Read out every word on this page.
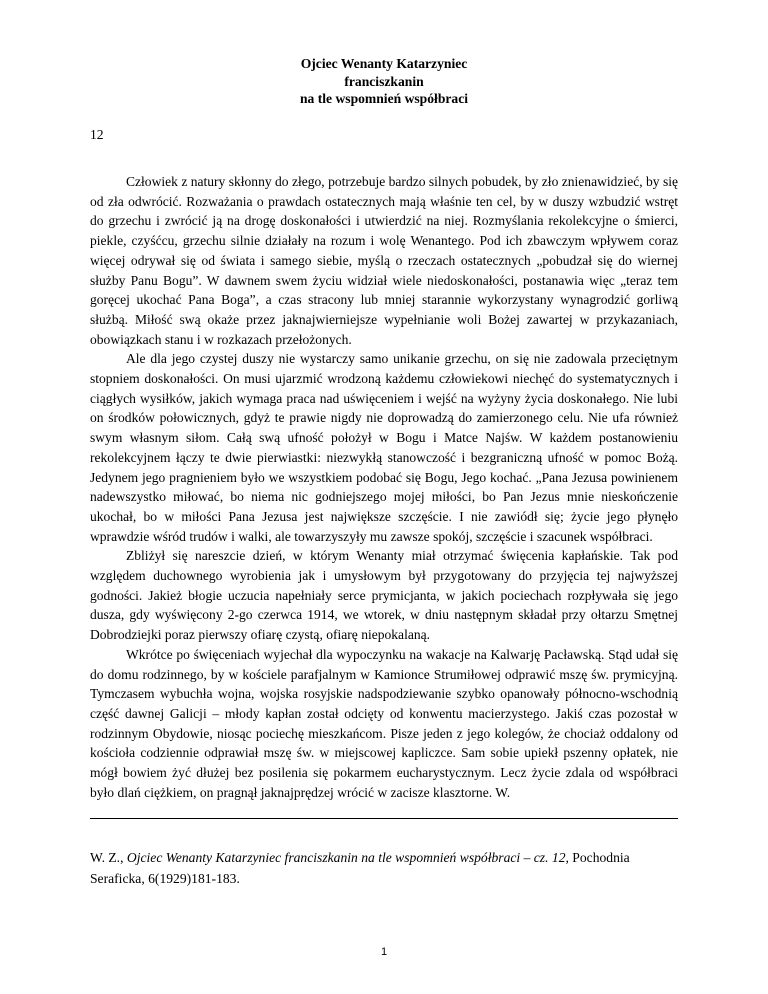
Ojciec Wenanty Katarzyniec
franciszkanin
na tle wspomnień współbraci
12

Człowiek z natury skłonny do złego, potrzebuje bardzo silnych pobudek, by zło znienawidzieć, by się od zła odwrócić. Rozważania o prawdach ostatecznych mają właśnie ten cel, by w duszy wzbudzić wstręt do grzechu i zwrócić ją na drogę doskonałości i utwierdzić na niej. Rozmyślania rekolekcyjne o śmierci, piekle, czyśćcu, grzechu silnie działały na rozum i wolę Wenantego. Pod ich zbawczym wpływem coraz więcej odrywał się od świata i samego siebie, myślą o rzeczach ostatecznych „pobudzał się do wiernej służby Panu Bogu”. W dawnem swem życiu widział wiele niedoskonałości, postanawia więc „teraz tem goręcej ukochać Pana Boga”, a czas stracony lub mniej starannie wykorzystany wynagrodzić gorliwą służbą. Miłość swą okaże przez jaknajwierniejsze wypełnianie woli Bożej zawartej w przykazaniach, obowiązkach stanu i w rozkazach przełożonych.

Ale dla jego czystej duszy nie wystarczy samo unikanie grzechu, on się nie zadowala przeciętnym stopniem doskonałości. On musi ujarzmić wrodzoną każdemu człowiekowi niechęć do systematycznych i ciągłych wysiłków, jakich wymaga praca nad uświęceniem i wejść na wyżyny życia doskonałego. Nie lubi on środków połowicznych, gdyż te prawie nigdy nie doprowadzą do zamierzonego celu. Nie ufa również swym własnym siłom. Całą swą ufność położył w Bogu i Matce Najśw. W każdem postanowieniu rekolekcyjnem łączy te dwie pierwiastki: niezwykłą stanowczość i bezgraniczną ufność w pomoc Bożą. Jedynem jego pragnieniem było we wszystkiem podobać się Bogu, Jego kochać. „Pana Jezusa powinienem nadewszystko miłować, bo niema nic godniejszego mojej miłości, bo Pan Jezus mnie nieskończenie ukochał, bo w miłości Pana Jezusa jest największe szczęście. I nie zawiódł się; życie jego płynęło wprawdzie wśród trudów i walki, ale towarzyszyły mu zawsze spokój, szczęście i szacunek współbraci.

Zbliżył się nareszcie dzień, w którym Wenanty miał otrzymać święcenia kapłańskie. Tak pod względem duchownego wyrobienia jak i umysłowym był przygotowany do przyjęcia tej najwyższej godności. Jakież błogie uczucia napełniały serce prymicjanta, w jakich pociechach rozpływała się jego dusza, gdy wyświęcony 2-go czerwca 1914, we wtorek, w dniu następnym składał przy ołtarzu Smętnej Dobrodziejki poraz pierwszy ofiarę czystą, ofiarę niepokalaną.

Wkrótce po święceniach wyjechał dla wypoczynku na wakacje na Kalwarję Pacławską. Stąd udał się do domu rodzinnego, by w kościele parafjalnym w Kamionce Strumiłowej odprawić mszę św. prymicyjną. Tymczasem wybuchła wojna, wojska rosyjskie nadspodziewanie szybko opanowały północno-wschodnią część dawnej Galicji – młody kapłan został odcięty od konwentu macierzystego. Jakiś czas pozostał w rodzinnym Obydowie, niosąc pociechę mieszkańcom. Pisze jeden z jego kolegów, że chociaż oddalony od kościoła codziennie odprawiał mszę św. w miejscowej kapliczce. Sam sobie upiekł pszenny opłatek, nie mógł bowiem żyć dłużej bez posilenia się pokarmem eucharystycznym. Lecz życie zdala od współbraci było dlań ciężkiem, on pragnął jaknajprędzej wrócić w zacisze klasztorne. W.

W. Z., Ojciec Wenanty Katarzyniec franciszkanin na tle wspomnień współbraci – cz. 12, Pochodnia Seraficka, 6(1929)181-183.
1
